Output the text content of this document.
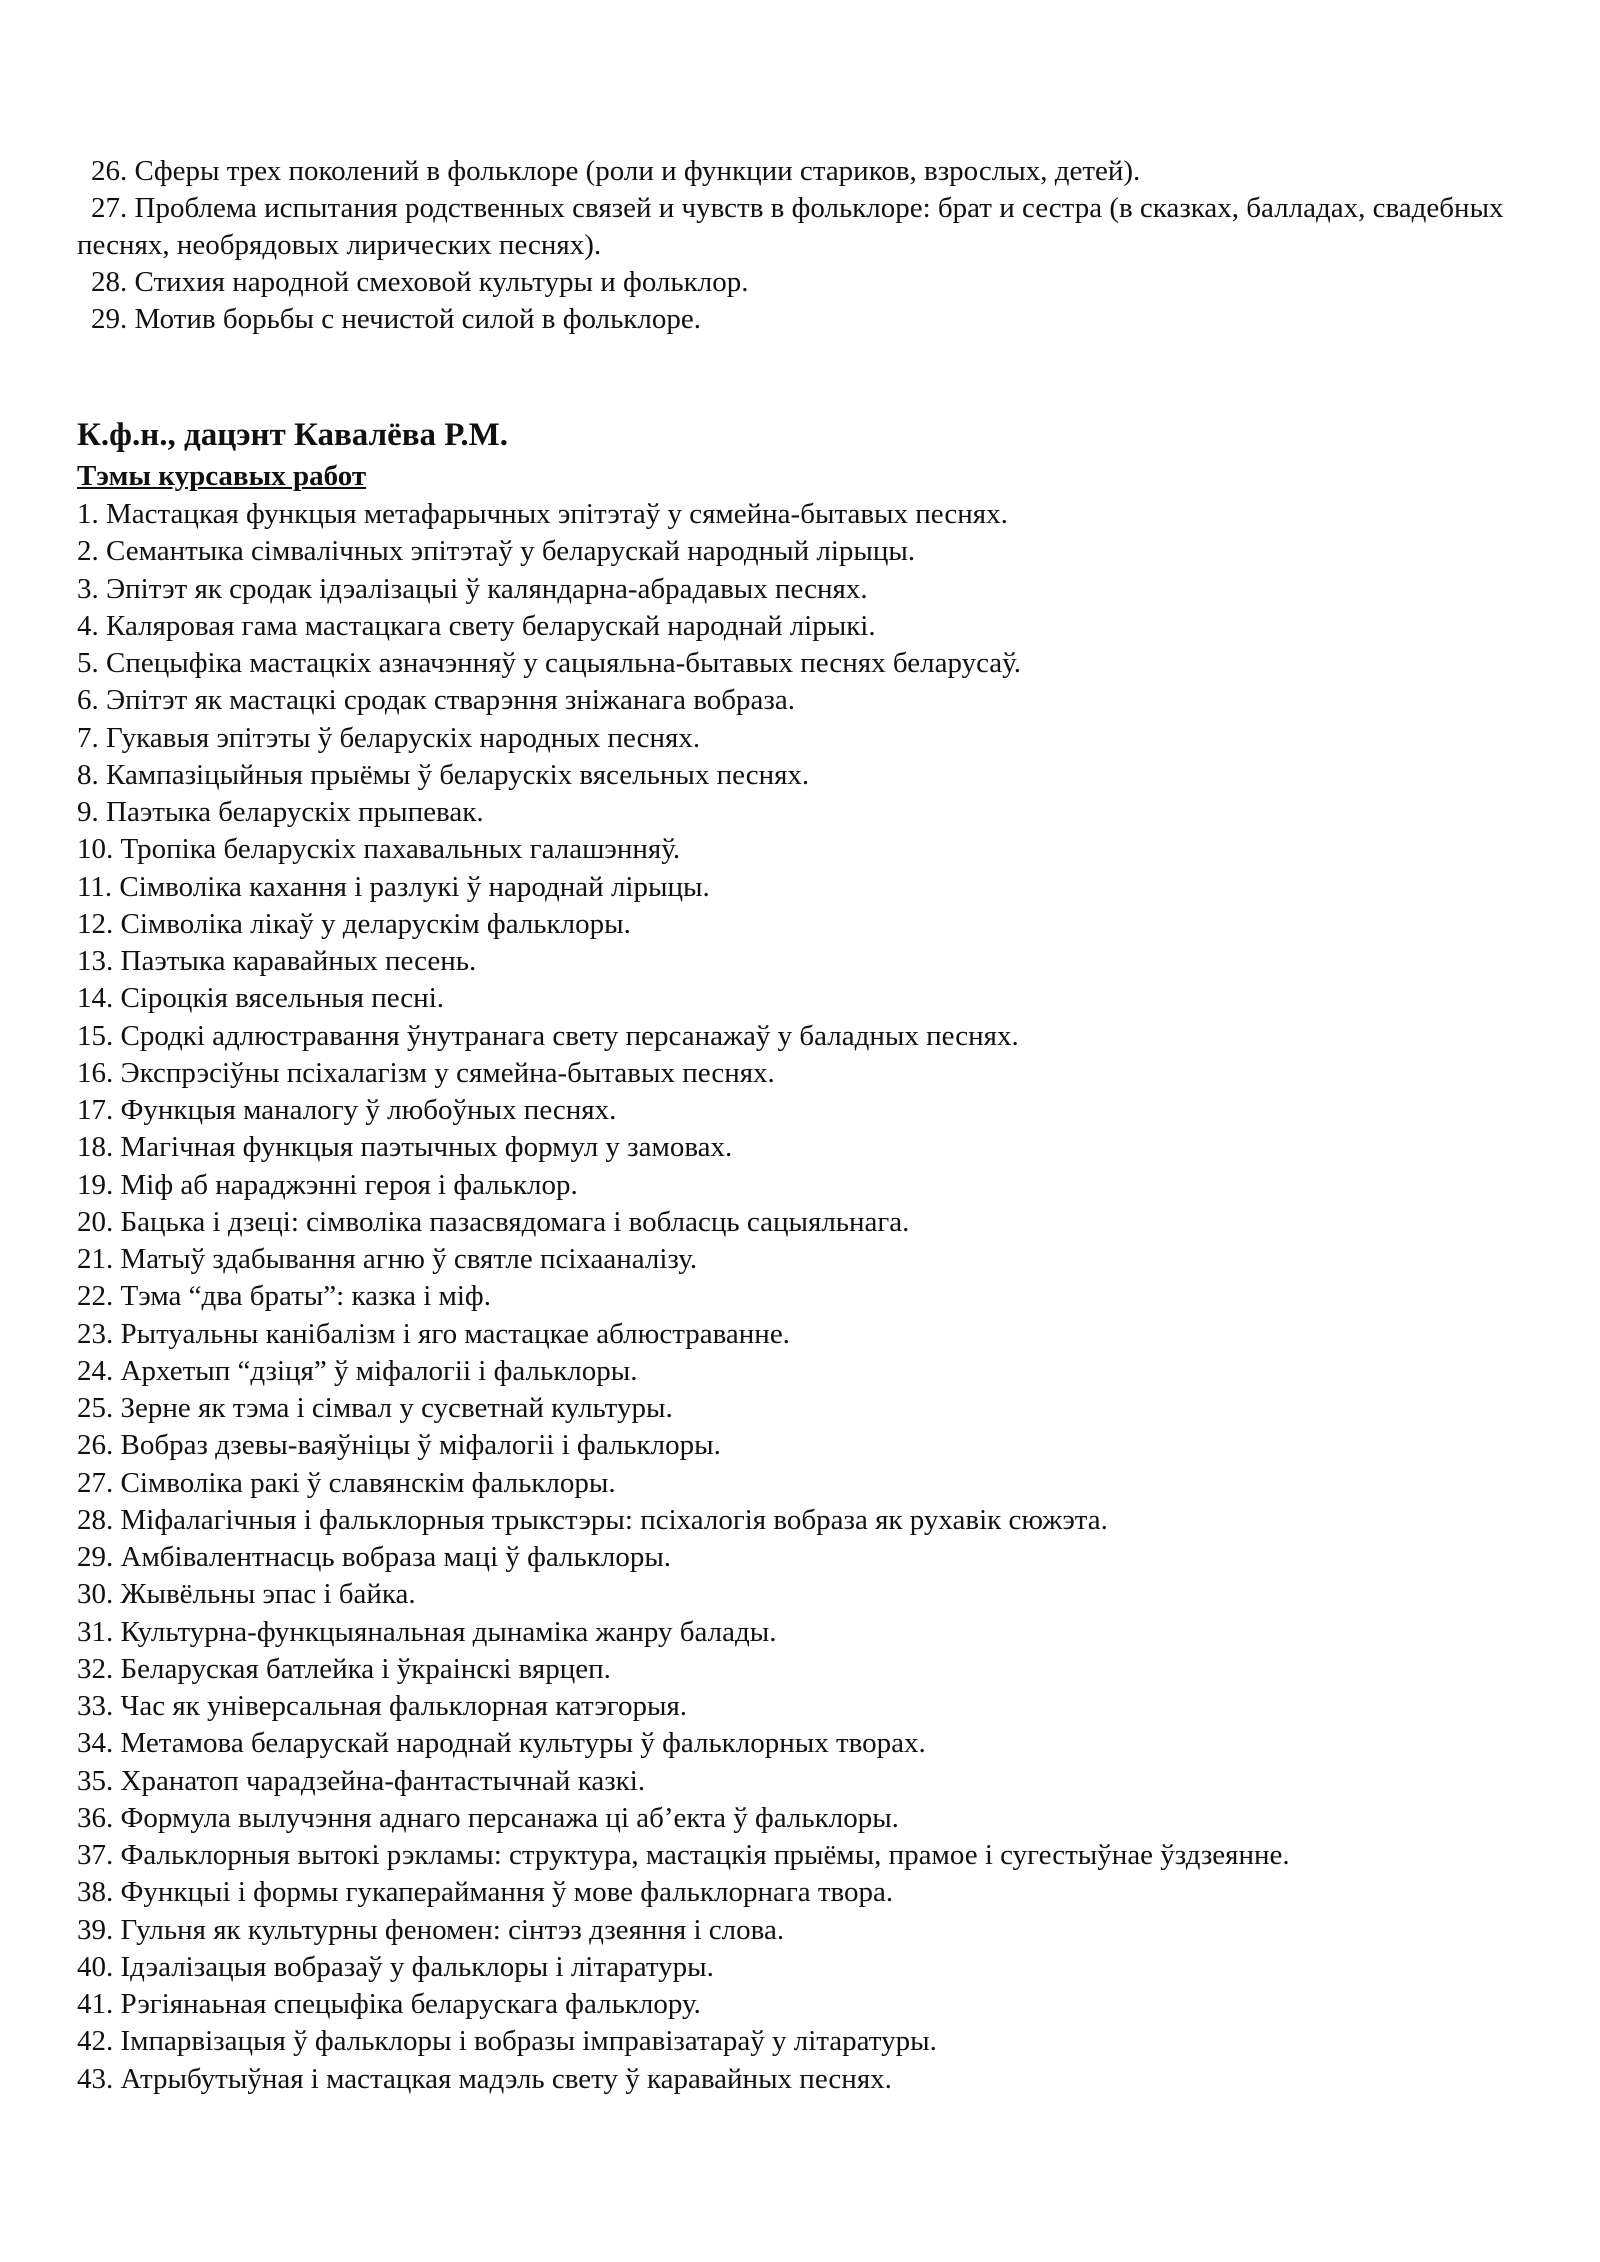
26. Сферы трех поколений в фольклоре (роли и функции стариков, взрослых, детей).

27. Проблема испытания родственных связей и чувств в фольклоре: брат и сестра (в сказках, балладах, свадебных песнях, необрядовых лирических песнях).

28. Стихия народной смеховой культуры и фольклор.

29. Мотив борьбы с нечистой силой в фольклоре.

К.ф.н., дацэнт Кавалёва Р.М.
Тэмы курсавых работ

1. Мастацкая функцыя метафарычных эпітэтаў у сямейна-бытавых песнях.

2. Семантыка сімвалічных эпітэтаў у беларускай народный лірыцы.

3. Эпітэт як сродак ідэалізацыі ў каляндарна-абрадавых песнях.

4. Каляровая гама мастацкага свету беларускай народнай лірыкі.

5. Спецыфіка мастацкіх азначэнняў у сацыяльна-бытавых песнях беларусаў.

6. Эпітэт як мастацкі сродак стварэння зніжанага вобраза.

7. Гукавыя эпітэты ў беларускіх народных песнях.

8. Кампазіцыйныя прыёмы ў беларускіх вясельных песнях.

9. Паэтыка беларускіх прыпевак.

10. Тропіка беларускіх пахавальных галашэнняў.

11. Сімволіка кахання і разлукі ў народнай лірыцы.

12. Сімволіка лікаў у деларускім фальклоры.

13. Паэтыка каравайных песень.

14. Сіроцкія вясельныя песні.

15. Сродкі адлюстравання ўнутранага свету персанажаў у баладных песнях.

16. Экспрэсіўны псіхалагізм у сямейна-бытавых песнях.

17. Функцыя маналогу ў любоўных песнях.

18. Магічная функцыя паэтычных формул у замовах.

19. Міф аб нараджэнні героя і фальклор.

20. Бацька і дзеці: сімволіка пазасвядомага і вобласць сацыяльнага.

21. Матыў здабывання агню ў святле псіхааналізу.

22. Тэма “два браты”: казка і міф.

23. Рытуальны канібалізм і яго мастацкае аблюстраванне.

24. Архетып “дзіця” ў міфалогіі і фальклоры.

25. Зерне як тэма і сімвал у сусветнай культуры.

26. Вобраз дзевы-ваяўніцы ў міфалогіі і фальклоры.

27. Сімволіка ракі ў славянскім фальклоры.

28. Міфалагічныя і фальклорныя трыкстэры: псіхалогія вобраза як рухавік сюжэта.

29. Амбівалентнасць вобраза маці ў фальклоры.

30. Жывёльны эпас і байка.

31. Культурна-функцыянальная дынаміка жанру балады.

32. Беларуская батлейка і ўкраінскі вярцеп.

33. Час як універсальная фальклорная катэгорыя.

34. Метамова беларускай народнай культуры ў фальклорных творах.

35. Хранатоп чарадзейна-фантастычнай казкі.

36. Формула вылучэння аднаго персанажа ці аб’екта ў фальклоры.

37. Фальклорныя вытокі рэкламы: структура, мастацкія прыёмы, прамое і сугестыўнае ўздзеянне.

38. Функцыі і формы гукапераймання ў мове фальклорнага твора.

39. Гульня як культурны феномен: сінтэз дзеяння і слова.

40. Ідэалізацыя вобразаў у фальклоры і літаратуры.

41. Рэгіянаьная спецыфіка беларускага фальклору.

42. Імпарвізацыя ў фальклоры і вобразы імправізатараў у літаратуры.

43. Атрыбутыўная і мастацкая мадэль свету ў каравайных песнях.
